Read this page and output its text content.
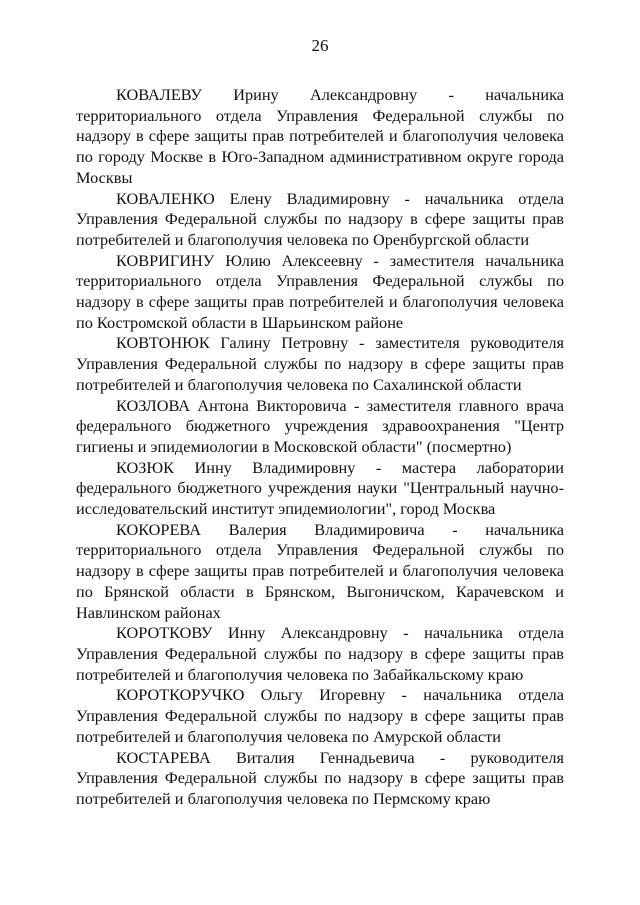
26

КОВАЛЕВУ Ирину Александровну - начальника территориального отдела Управления Федеральной службы по надзору в сфере защиты прав потребителей и благополучия человека по городу Москве в Юго-Западном административном округе города Москвы

КОВАЛЕНКО Елену Владимировну - начальника отдела Управления Федеральной службы по надзору в сфере защиты прав потребителей и благополучия человека по Оренбургской области

КОВРИГИНУ Юлию Алексеевну - заместителя начальника территориального отдела Управления Федеральной службы по надзору в сфере защиты прав потребителей и благополучия человека по Костромской области в Шарьинском районе

КОВТОНЮК Галину Петровну - заместителя руководителя Управления Федеральной службы по надзору в сфере защиты прав потребителей и благополучия человека по Сахалинской области

КОЗЛОВА Антона Викторовича - заместителя главного врача федерального бюджетного учреждения здравоохранения "Центр гигиены и эпидемиологии в Московской области" (посмертно)

КОЗЮК Инну Владимировну - мастера лаборатории федерального бюджетного учреждения науки "Центральный научно-исследовательский институт эпидемиологии", город Москва

КОКОРЕВА Валерия Владимировича - начальника территориального отдела Управления Федеральной службы по надзору в сфере защиты прав потребителей и благополучия человека по Брянской области в Брянском, Выгоничском, Карачевском и Навлинском районах

КОРОТКОВУ Инну Александровну - начальника отдела Управления Федеральной службы по надзору в сфере защиты прав потребителей и благополучия человека по Забайкальскому краю

КОРОТКОРУЧКО Ольгу Игоревну - начальника отдела Управления Федеральной службы по надзору в сфере защиты прав потребителей и благополучия человека по Амурской области

КОСТАРЕВА Виталия Геннадьевича - руководителя Управления Федеральной службы по надзору в сфере защиты прав потребителей и благополучия человека по Пермскому краю
